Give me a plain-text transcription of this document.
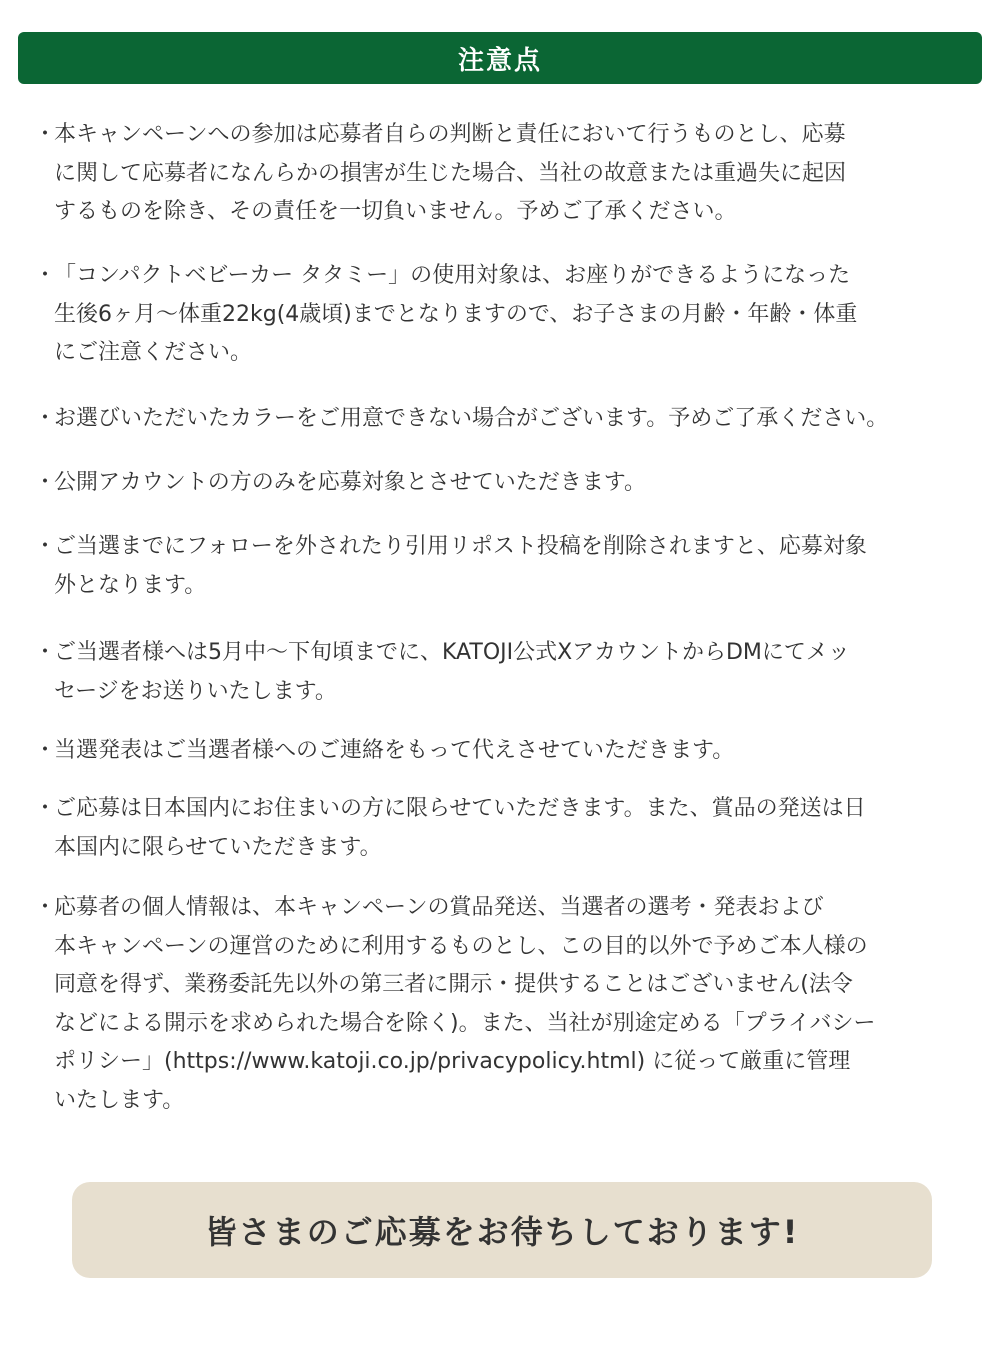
注意点
・
本キャンペーンへの参加は応募者自らの判断と責任において行うものとし、応募
に関して応募者になんらかの損害が生じた場合、当社の故意または重過失に起因
するものを除き、その責任を一切負いません。予めご了承ください。
・
「コンパクトベビーカー タタミー」の使用対象は、お座りができるようになった
生後6ヶ月〜体重22kg(4歳頃)までとなりますので、お子さまの月齢・年齢・体重
にご注意ください。
・
お選びいただいたカラーをご用意できない場合がございます。予めご了承ください。
・
公開アカウントの方のみを応募対象とさせていただきます。
・
ご当選までにフォローを外されたり引用リポスト投稿を削除されますと、応募対象
外となります。
・
ご当選者様へは5月中〜下旬頃までに、KATOJI公式XアカウントからDMにてメッ
セージをお送りいたします。
・
当選発表はご当選者様へのご連絡をもって代えさせていただきます。
・
ご応募は日本国内にお住まいの方に限らせていただきます。また、賞品の発送は日
本国内に限らせていただきます。
・
応募者の個人情報は、本キャンペーンの賞品発送、当選者の選考・発表および
本キャンペーンの運営のために利用するものとし、この目的以外で予めご本人様の
同意を得ず、業務委託先以外の第三者に開示・提供することはございません(法令
などによる開示を求められた場合を除く)。また、当社が別途定める「プライバシー
ポリシー」(https://www.katoji.co.jp/privacypolicy.html) に従って厳重に管理
いたします。
皆さまのご応募をお待ちしております!
